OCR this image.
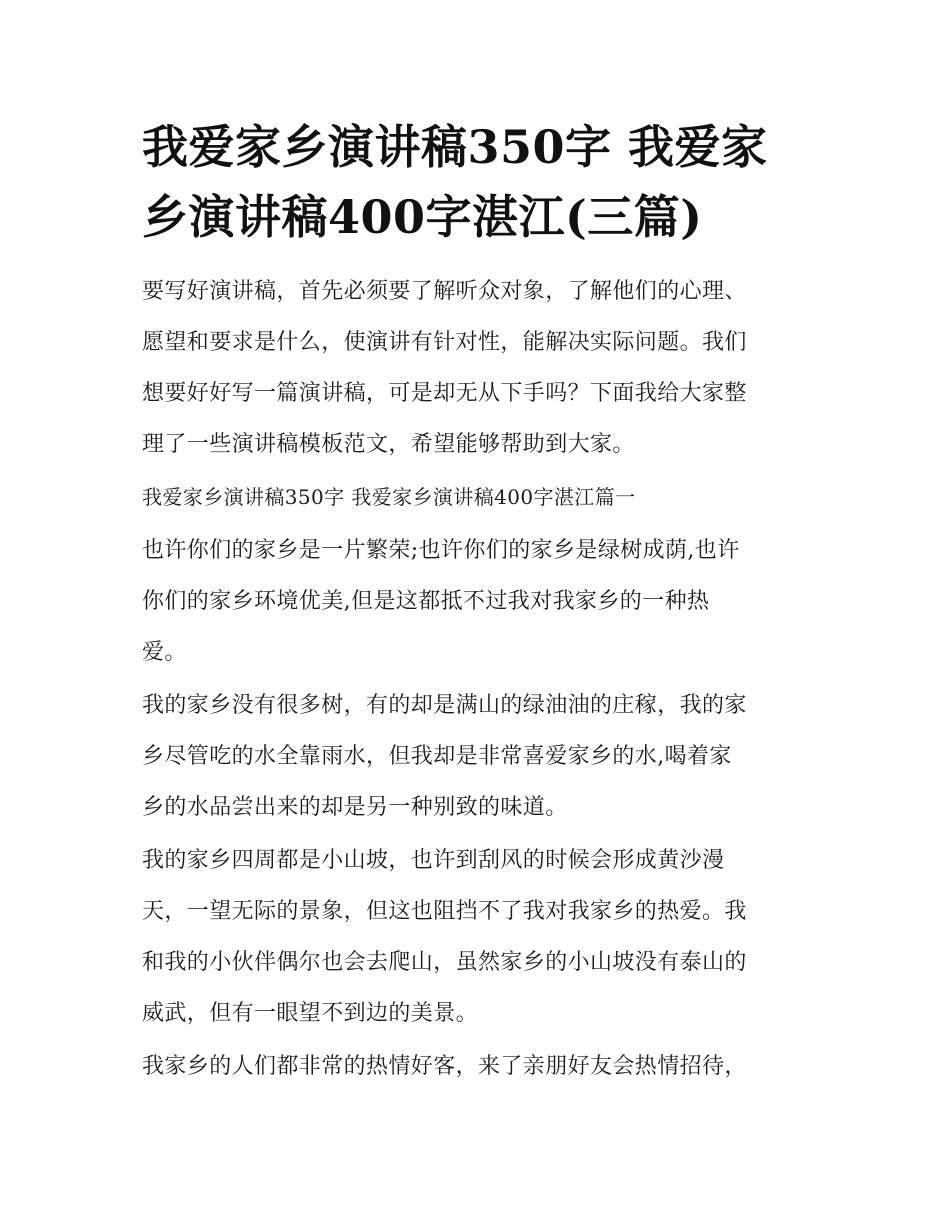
我爱家乡演讲稿350字 我爱家
乡演讲稿400字湛江(三篇)

要写好演讲稿，首先必须要了解听众对象，了解他们的心理、
愿望和要求是什么，使演讲有针对性，能解决实际问题。我们
想要好好写一篇演讲稿，可是却无从下手吗？下面我给大家整
理了一些演讲稿模板范文，希望能够帮助到大家。

我爱家乡演讲稿350字 我爱家乡演讲稿400字湛江篇一

也许你们的家乡是一片繁荣;也许你们的家乡是绿树成荫,也许
你们的家乡环境优美,但是这都抵不过我对我家乡的一种热
爱。

我的家乡没有很多树，有的却是满山的绿油油的庄稼，我的家
乡尽管吃的水全靠雨水，但我却是非常喜爱家乡的水,喝着家
乡的水品尝出来的却是另一种别致的味道。

我的家乡四周都是小山坡，也许到刮风的时候会形成黄沙漫
天，一望无际的景象，但这也阻挡不了我对我家乡的热爱。我
和我的小伙伴偶尔也会去爬山，虽然家乡的小山坡没有泰山的
威武，但有一眼望不到边的美景。

我家乡的人们都非常的热情好客，来了亲朋好友会热情招待，
